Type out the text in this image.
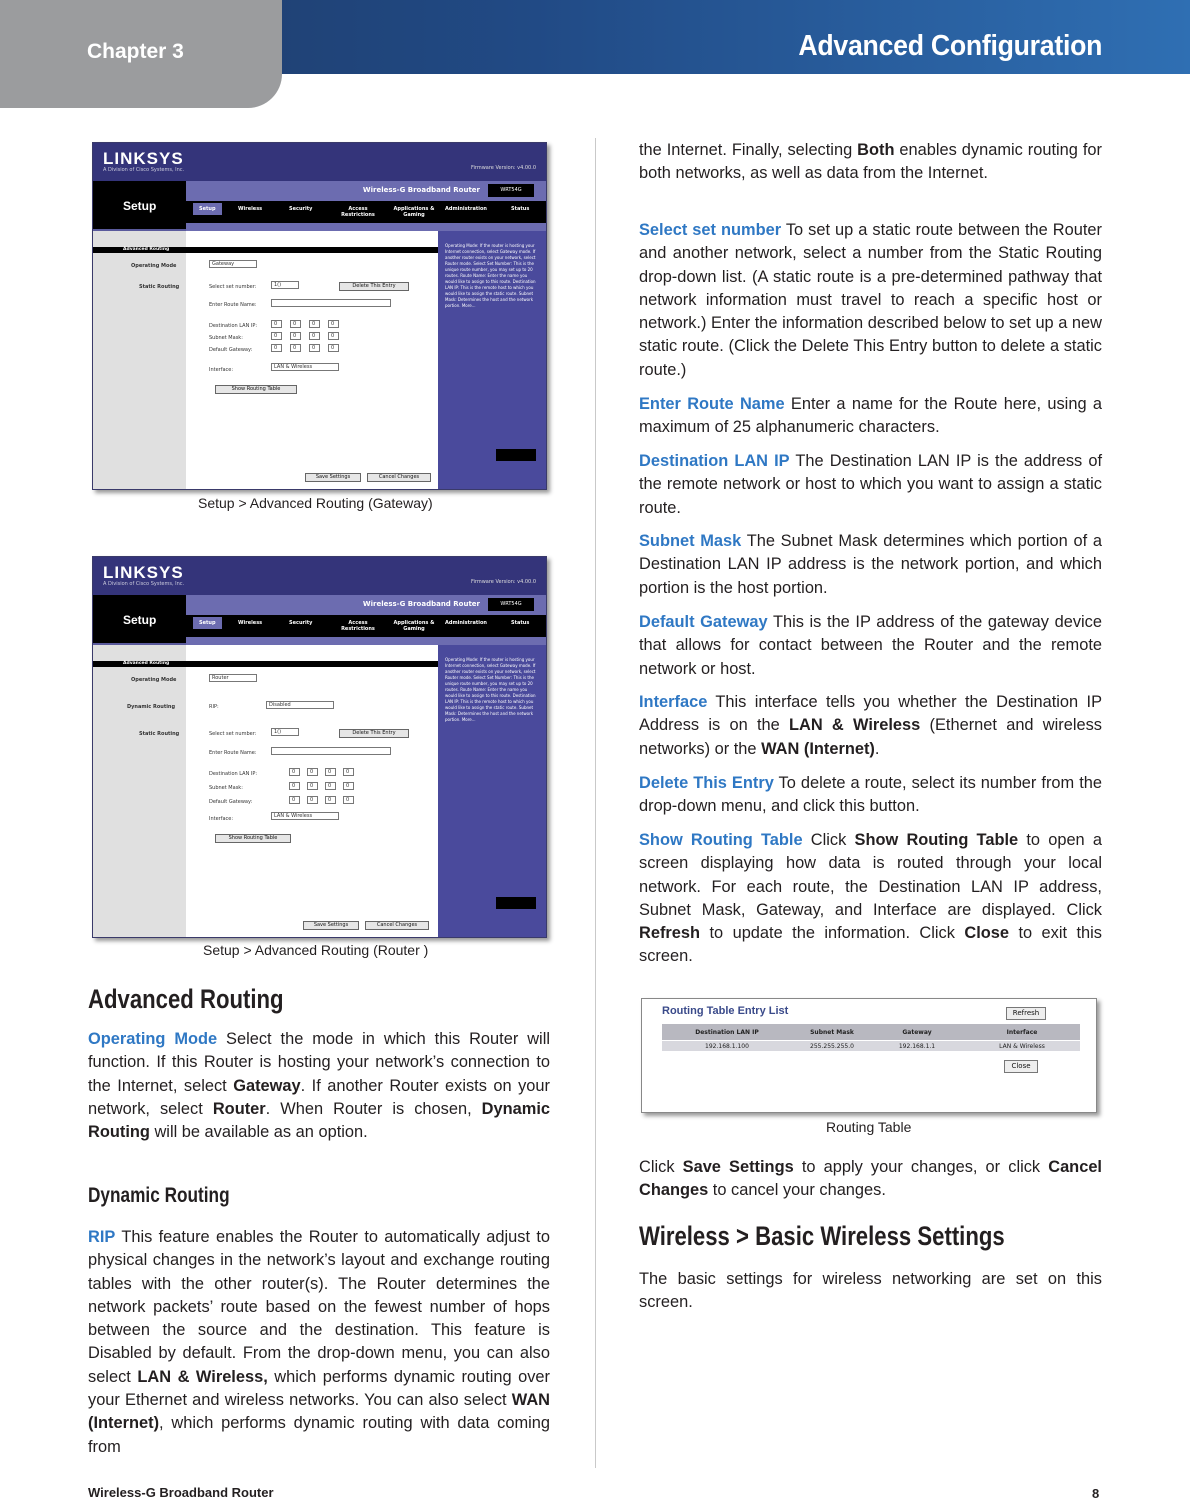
Chapter 3	Advanced Configuration
LINKSYS
A Division of Cisco Systems, Inc.	Firmware Version: v4.00.0
Setup
Wireless-G Broadband Router	WRT54G
Setup	Wireless	Security	Access Restrictions
Applications & Gaming
Administration	Status
Advanced Routing
Operating Mode
Static Routing
Gateway
Select set number:	1()	Delete This Entry
Enter Route Name:
Destination LAN IP:	0	0	0	0
Subnet Mask:	0	0	0	0
Default Gateway:	0	0	0	0
Interface:	LAN & Wireless
Show Routing Table
Operating Mode: If the router is hosting your Internet connection, select Gateway mode. If another router exists on your network, select Router mode. Select Set Number: This is the unique route number, you may set up to 20 routes. Route Name: Enter the name you would like to assign to this route. Destination LAN IP: This is the remote host to which you would like to assign the static route. Subnet Mask: Determines the host and the network portion. More...
Save Settings	Cancel Changes
Setup > Advanced Routing (Gateway)
LINKSYS
A Division of Cisco Systems, Inc.	Firmware Version: v4.00.0
Setup
Wireless-G Broadband Router	WRT54G
Setup	Wireless	Security	Access Restrictions
Applications & Gaming
Administration	Status
Advanced Routing
Operating Mode
Dynamic Routing
Static Routing
Router
RIP:	Disabled
Select set number:	1()	Delete This Entry
Enter Route Name:
Destination LAN IP:	0	0	0	0
Subnet Mask:	0	0	0	0
Default Gateway:	0	0	0	0
Interface:	LAN & Wireless
Show Routing Table
Operating Mode: If the router is hosting your Internet connection, select Gateway mode. If another router exists on your network, select Router mode. Select Set Number: This is the unique route number, you may set up to 20 routes. Route Name: Enter the name you would like to assign to this route. Destination LAN IP: This is the remote host to which you would like to assign the static route. Subnet Mask: Determines the host and the network portion. More...
Save Settings	Cancel Changes
Setup > Advanced Routing (Router )
Advanced Routing
Operating Mode Select the mode in which this Router will function. If this Router is hosting your network’s connection to the Internet, select Gateway. If another Router exists on your network, select Router. When Router is chosen, Dynamic Routing will be available as an option.
Dynamic Routing
RIP This feature enables the Router to automatically adjust to physical changes in the network’s layout and exchange routing tables with the other router(s). The Router determines the network packets’ route based on the fewest number of hops between the source and the destination. This feature is Disabled by default. From the drop-down menu, you can also select LAN & Wireless, which performs dynamic routing over your Ethernet and wireless networks. You can also select WAN (Internet), which performs dynamic routing with data coming from
the Internet. Finally, selecting Both enables dynamic routing for both networks, as well as data from the Internet.
Select set number To set up a static route between the Router and another network, select a number from the Static Routing drop-down list. (A static route is a pre-determined pathway that network information must travel to reach a specific host or network.) Enter the information described below to set up a new static route. (Click the Delete This Entry button to delete a static route.)
Enter Route Name Enter a name for the Route here, using a maximum of 25 alphanumeric characters.
Destination LAN IP The Destination LAN IP is the address of the remote network or host to which you want to assign a static route.
Subnet Mask The Subnet Mask determines which portion of a Destination LAN IP address is the network portion, and which portion is the host portion.
Default Gateway This is the IP address of the gateway device that allows for contact between the Router and the remote network or host.
Interface This interface tells you whether the Destination IP Address is on the LAN & Wireless (Ethernet and wireless networks) or the WAN (Internet).
Delete This Entry To delete a route, select its number from the drop-down menu, and click this button.
Show Routing Table Click Show Routing Table to open a screen displaying how data is routed through your local network. For each route, the Destination LAN IP address, Subnet Mask, Gateway, and Interface are displayed. Click Refresh to update the information. Click Close to exit this screen.
Routing Table Entry List	Refresh
Destination LAN IP	Subnet Mask	Gateway	Interface
192.168.1.100	255.255.255.0	192.168.1.1	LAN & Wireless
Close
Routing Table
Click Save Settings to apply your changes, or click Cancel Changes to cancel your changes.
Wireless > Basic Wireless Settings
The basic settings for wireless networking are set on this screen.
Wireless-G Broadband Router	8
